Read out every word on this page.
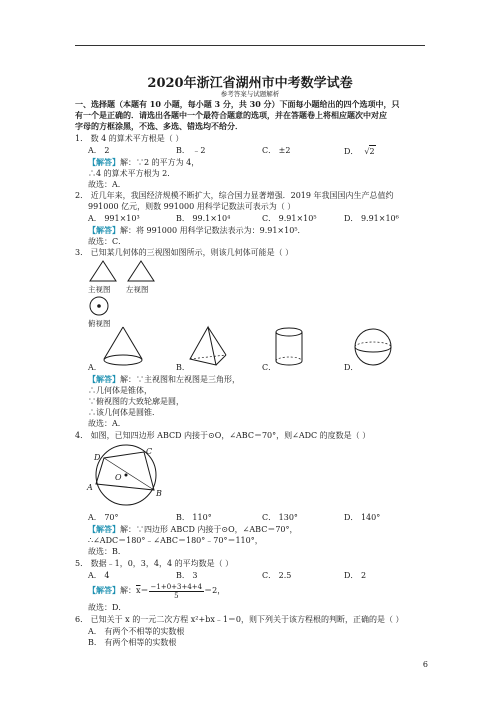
2020年浙江省湖州市中考数学试卷
参考答案与试题解析
一、选择题（本题有 10 小题，每小题 3 分，共 30 分）下面每小题给出的四个选项中，只
有一个是正确的．请选出各题中一个最符合题意的选项，并在答题卷上将相应题次中对应
字母的方框涂黑，不选、多选、错选均不给分．
1． 数 4 的算术平方根是（ ）
A． 2	B． ﹣2	C． ±2	D． √2
【解答】解：∵2 的平方为 4，
∴4 的算术平方根为 2．
故选：A．
2． 近几年来，我国经济规模不断扩大，综合国力显著增强．2019 年我国国内生产总值约
991000 亿元，则数 991000 用科学记数法可表示为（ ）
A． 991×10³	B． 99.1×10⁴	C． 9.91×10⁵	D． 9.91×10⁶
【解答】解：将 991000 用科学记数法表示为：9.91×10⁵．
故选：C．
3． 已知某几何体的三视图如图所示，则该几何体可能是（ ）
主视图 左视图
俯视图
A．	B．	C．	D．
【解答】解：∵主视图和左视图是三角形，
∴几何体是锥体，
∵俯视图的大致轮廓是圆，
∴该几何体是圆锥．
故选：A．
4． 如图，已知四边形 ABCD 内接于⊙O，∠ABC＝70°，则∠ADC 的度数是（ ）
A
B
C
D
O
A． 70°	B． 110°	C． 130°	D． 140°
【解答】解：∵四边形 ABCD 内接于⊙O，∠ABC＝70°，
∴∠ADC＝180°﹣∠ABC＝180°﹣70°＝110°，
故选：B．
5． 数据﹣1，0，3，4，4 的平均数是（ ）
A． 4	B． 3	C． 2.5	D． 2
【解答】解：$\overline{x}= \frac{-1+0+3+4+4}{5} =2$，
故选：D．
6． 已知关于 x 的一元二次方程 x²+bx﹣1＝0，则下列关于该方程根的判断，正确的是（ ）
A． 有两个不相等的实数根
B． 有两个相等的实数根
6
